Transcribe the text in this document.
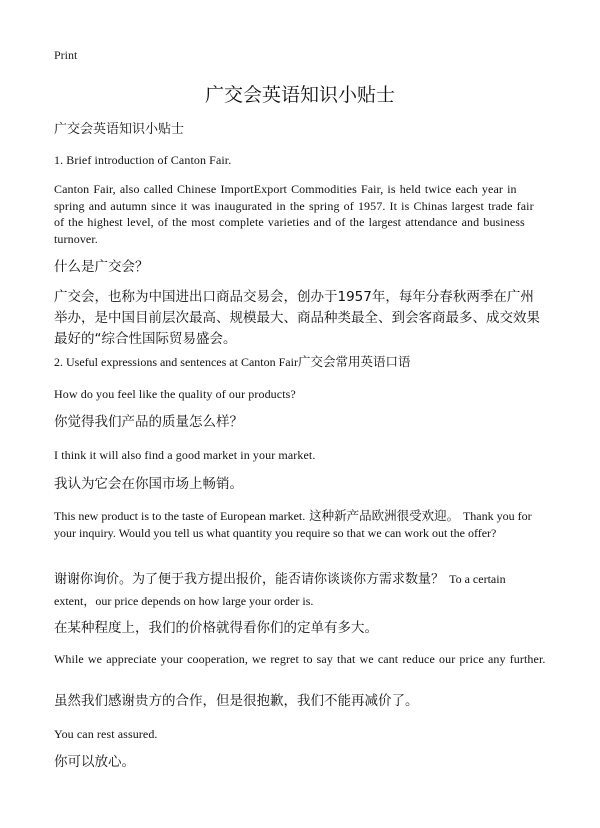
Print
广交会英语知识小贴士
广交会英语知识小贴士
1. Brief introduction of Canton Fair.
Canton Fair, also called Chinese ImportExport Commodities Fair, is held twice each year in spring and autumn since it was inaugurated in the spring of 1957. It is Chinas largest trade fair of the highest level, of the most complete varieties and of the largest attendance and business turnover.
什么是广交会？
广交会，也称为中国进出口商品交易会，创办于1957年，每年分春秋两季在广州举办，是中国目前层次最高、规模最大、商品种类最全、到会客商最多、成交效果最好的“综合性国际贸易盛会。
2. Useful expressions and sentences at Canton Fair广交会常用英语口语
How do you feel like the quality of our products?
你觉得我们产品的质量怎么样？
I think it will also find a good market in your market.
我认为它会在你国市场上畅销。
This new product is to the taste of European market. 这种新产品欧洲很受欢迎。 Thank you for your inquiry. Would you tell us what quantity you require so that we can work out the offer?
谢谢你询价。为了便于我方提出报价，能否请你谈谈你方需求数量？ To a certain extent，our price depends on how large your order is.
在某种程度上，我们的价格就得看你们的定单有多大。
While we appreciate your cooperation, we regret to say that we cant reduce our price any further.
虽然我们感谢贵方的合作，但是很抱歉，我们不能再减价了。
You can rest assured.
你可以放心。
